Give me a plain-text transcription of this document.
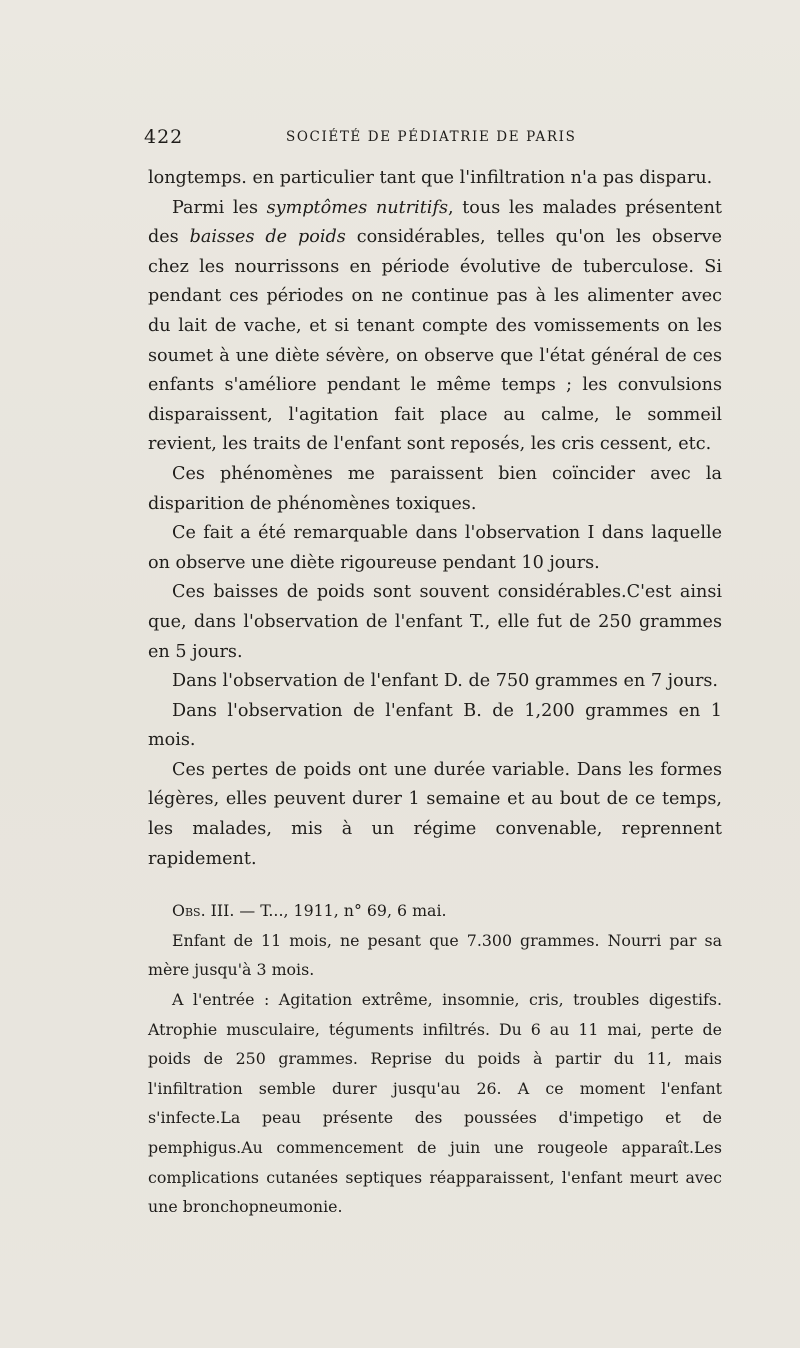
422	SOCIÉTÉ DE PÉDIATRIE DE PARIS

longtemps. en particulier tant que l'infiltration n'a pas disparu.

Parmi les symptômes nutritifs, tous les malades présentent des baisses de poids considérables, telles qu'on les observe chez les nourrissons en période évolutive de tuberculose. Si pendant ces périodes on ne continue pas à les alimenter avec du lait de vache, et si tenant compte des vomissements on les soumet à une diète sévère, on observe que l'état général de ces enfants s'améliore pendant le même temps ; les convulsions disparaissent, l'agitation fait place au calme, le sommeil revient, les traits de l'enfant sont reposés, les cris cessent, etc.

Ces phénomènes me paraissent bien coïncider avec la disparition de phénomènes toxiques.

Ce fait a été remarquable dans l'observation I dans laquelle on observe une diète rigoureuse pendant 10 jours.

Ces baisses de poids sont souvent considérables.C'est ainsi que, dans l'observation de l'enfant T., elle fut de 250 grammes en 5 jours.

Dans l'observation de l'enfant D. de 750 grammes en 7 jours.

Dans l'observation de l'enfant B. de 1,200 grammes en 1 mois.

Ces pertes de poids ont une durée variable. Dans les formes légères, elles peuvent durer 1 semaine et au bout de ce temps, les malades, mis à un régime convenable, reprennent rapidement.

Obs. III. — T..., 1911, n° 69, 6 mai.

Enfant de 11 mois, ne pesant que 7.300 grammes. Nourri par sa mère jusqu'à 3 mois.

A l'entrée : Agitation extrême, insomnie, cris, troubles digestifs. Atrophie musculaire, téguments infiltrés. Du 6 au 11 mai, perte de poids de 250 grammes. Reprise du poids à partir du 11, mais l'infiltration semble durer jusqu'au 26. A ce moment l'enfant s'infecte.La peau présente des poussées d'impetigo et de pemphigus.Au commencement de juin une rougeole apparaît.Les complications cutanées septiques réapparaissent, l'enfant meurt avec une bronchopneumonie.
